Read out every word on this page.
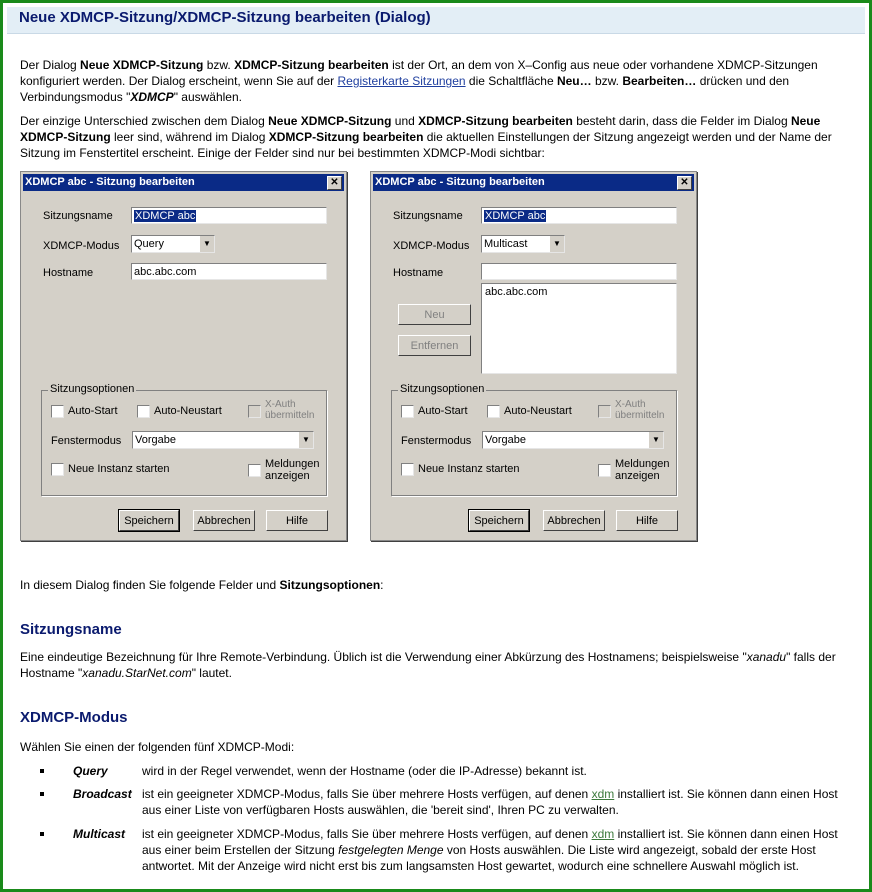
Neue XDMCP-Sitzung/XDMCP-Sitzung bearbeiten (Dialog)

Der Dialog Neue XDMCP-Sitzung bzw. XDMCP-Sitzung bearbeiten ist der Ort, an dem von X–Config aus neue oder vorhandene XDMCP-Sitzungen konfiguriert werden. Der Dialog erscheint, wenn Sie auf der Registerkarte Sitzungen die Schaltfläche Neu… bzw. Bearbeiten… drücken und den Verbindungsmodus "XDMCP" auswählen.

Der einzige Unterschied zwischen dem Dialog Neue XDMCP-Sitzung und XDMCP-Sitzung bearbeiten besteht darin, dass die Felder im Dialog Neue XDMCP-Sitzung leer sind, während im Dialog XDMCP-Sitzung bearbeiten die aktuellen Einstellungen der Sitzung angezeigt werden und der Name der Sitzung im Fenstertitel erscheint. Einige der Felder sind nur bei bestimmten XDMCP-Modi sichtbar:

XDMCP abc - Sitzung bearbeiten	✕
Sitzungsname	XDMCP abc
XDMCP-Modus Query	▼
Hostname	abc.abc.com
Sitzungsoptionen
Auto-Start	Auto-Neustart
X-Auth übermitteln
Fenstermodus Vorgabe	▼
Neue Instanz starten	Meldungen anzeigen
Speichern	Abbrechen	Hilfe
XDMCP abc - Sitzung bearbeiten	✕
Sitzungsname	XDMCP abc
XDMCP-Modus Multicast	▼
Hostname
abc.abc.com
Neu
Entfernen
Sitzungsoptionen
Auto-Start	Auto-Neustart
X-Auth übermitteln
Fenstermodus Vorgabe	▼
Neue Instanz starten	Meldungen anzeigen
Speichern	Abbrechen	Hilfe

In diesem Dialog finden Sie folgende Felder und Sitzungsoptionen:

Sitzungsname

Eine eindeutige Bezeichnung für Ihre Remote-Verbindung. Üblich ist die Verwendung einer Abkürzung des Hostnamens; beispielsweise "xanadu" falls der Hostname "xanadu.StarNet.com" lautet.

XDMCP-Modus

Wählen Sie einen der folgenden fünf XDMCP-Modi:

Query	wird in der Regel verwendet, wenn der Hostname (oder die IP-Adresse) bekannt ist.
Broadcast ist ein geeigneter XDMCP-Modus, falls Sie über mehrere Hosts verfügen, auf denen xdm installiert ist. Sie können dann einen Host aus einer Liste von verfügbaren Hosts auswählen, die 'bereit sind', Ihren PC zu verwalten.
Multicast ist ein geeigneter XDMCP-Modus, falls Sie über mehrere Hosts verfügen, auf denen xdm installiert ist. Sie können dann einen Host aus einer beim Erstellen der Sitzung festgelegten Menge von Hosts auswählen. Die Liste wird angezeigt, sobald der erste Host antwortet. Mit der Anzeige wird nicht erst bis zum langsamsten Host gewartet, wodurch eine schnellere Auswahl möglich ist.
